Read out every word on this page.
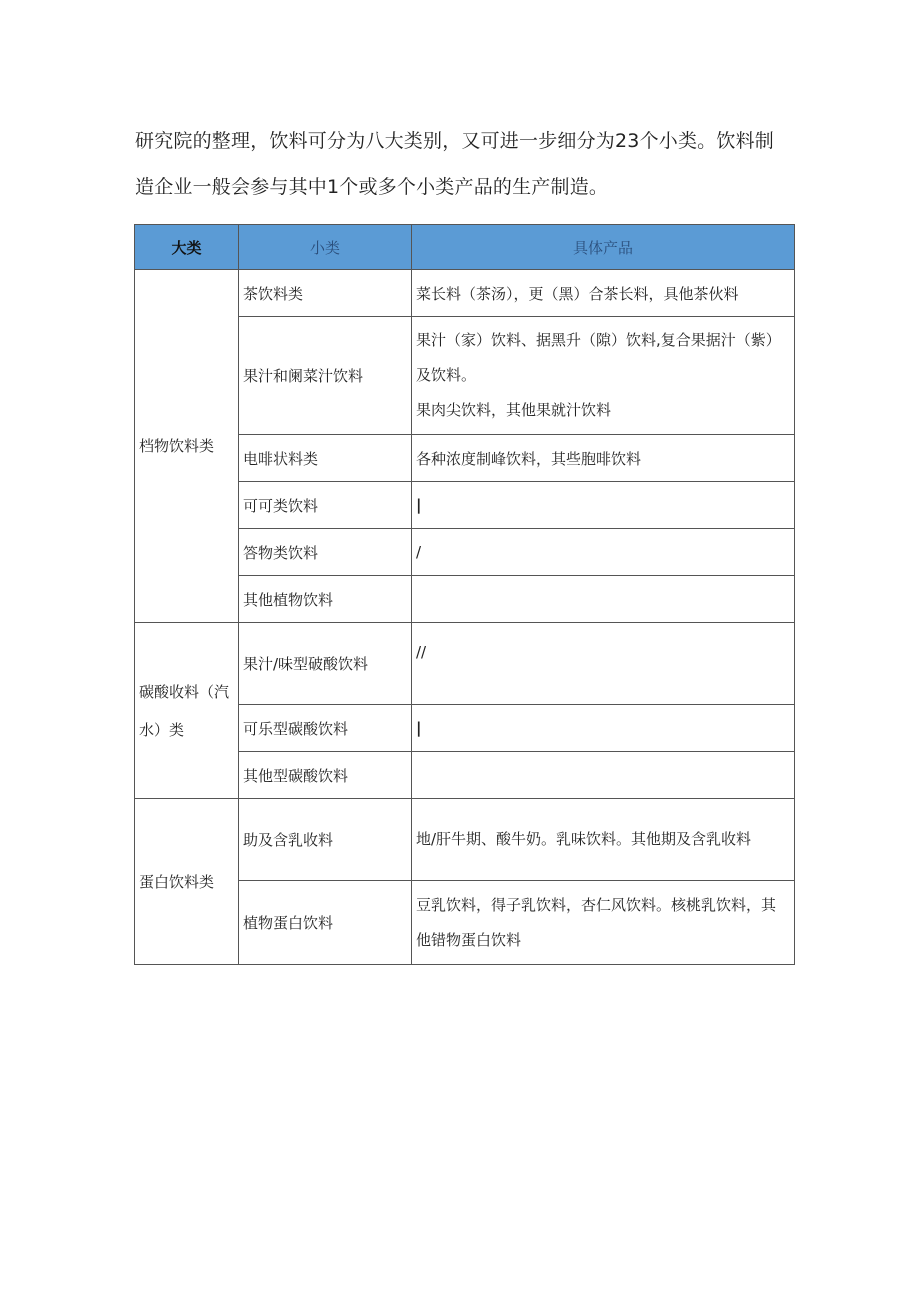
研究院的整理，饮料可分为八大类别，又可进一步细分为23个小类。饮料制
造企业一般会参与其中1个或多个小类产品的生产制造。

大类	小类	具体产品
档物饮料类	茶饮料类	菜长料（茶汤），更（黑）合茶长料，具他茶伙料
	果汁和阑菜汁饮料	果汁（家）饮料、据黑升（隙）饮料,复合果据汁（紫）及饮料。
果肉尖饮料，其他果就汁饮料

	电啡状料类	各种浓度制峰饮料，其些胞啡饮料
	可可类饮料	|
	答物类饮料	/
	其他植物饮料	
碳酸收料（汽水）类	果汁/味型破酸饮料	//
	可乐型碳酸饮料	|
	其他型碳酸饮料	
蛋白饮料类	助及含乳收料	地/肝牛期、酸牛奶。乳味饮料。其他期及含乳收料
	植物蛋白饮料	豆乳饮料，得子乳饮料，杏仁风饮料。核桃乳饮料，其他错物蛋白饮料
